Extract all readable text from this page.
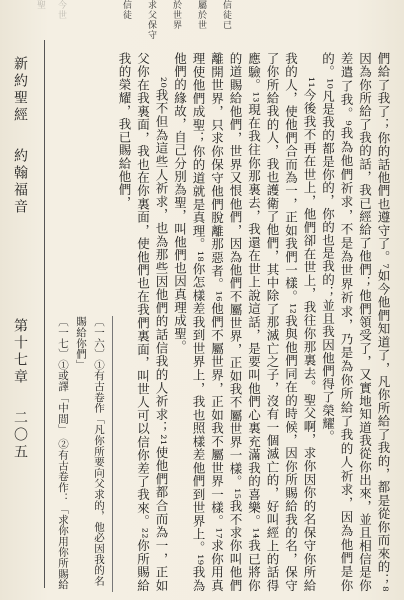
今世
聖	信徒已
屬於世
於世界
求父保守
信徒
新約聖經
約翰福音
第十七章
二〇五	們給了我了；你的話他們也遵守了。⁷如今他們知道了，凡你所給了我的，都是從你而來的；⁸因為你所給了我的話，我已經給了他們；他們領受了，又實地知道我從你出來，並且相信是你差遣了我。⁹我為他們祈求，不是為世界祈求，乃是為你所給了我的人祈求，因為他們是你的。¹⁰凡是我的都是你的，你的也是我的；並且我因他們得了榮耀。

¹¹今後我不再在世上，他們卻在世上，我往你那裏去。聖父啊，求你因你的名保守你所給我的人，使他們合而為一，正如我們一樣。¹²我與他們同在的時候，因你所賜給我的名，保守了你所給我的人，我也護衛了他們，其中除了那滅亡之子，沒有一個滅亡的，好叫經上的話得應驗。¹³現在我往你那裏去，我還在世上說這話，是要叫他們心裏充滿我的喜樂。¹⁴我已將你的道賜給他們，世界又恨他們，因為他們不屬世界，正如我不屬世界一樣。¹⁵我不求你叫他們離開世界，只求你保守他們脫離那惡者。¹⁶他們不屬世界，正如我不屬世界一樣。¹⁷求你用真理使他們成聖；你的道就是真理。¹⁸你怎樣差我到世界上，我也照樣差他們到世界上。¹⁹我為他們的緣故，自己分別為聖，叫他們也因真理成聖。

²⁰我不但為這些人祈求，也為那些因他們的話信我的人祈求；²¹使他們都合而為一，正如父你在我裏面，我也在你裏面，使他們也在我們裏面，叫世人可以信你差了我來。²²你所賜給我的榮耀，我已賜給他們，

〔一六〕①有古卷作「凡你所要向父求的，他必因我的名賜給你們」
〔一七〕①或譯「中間」 ②有古卷作：「求你用你所賜給
